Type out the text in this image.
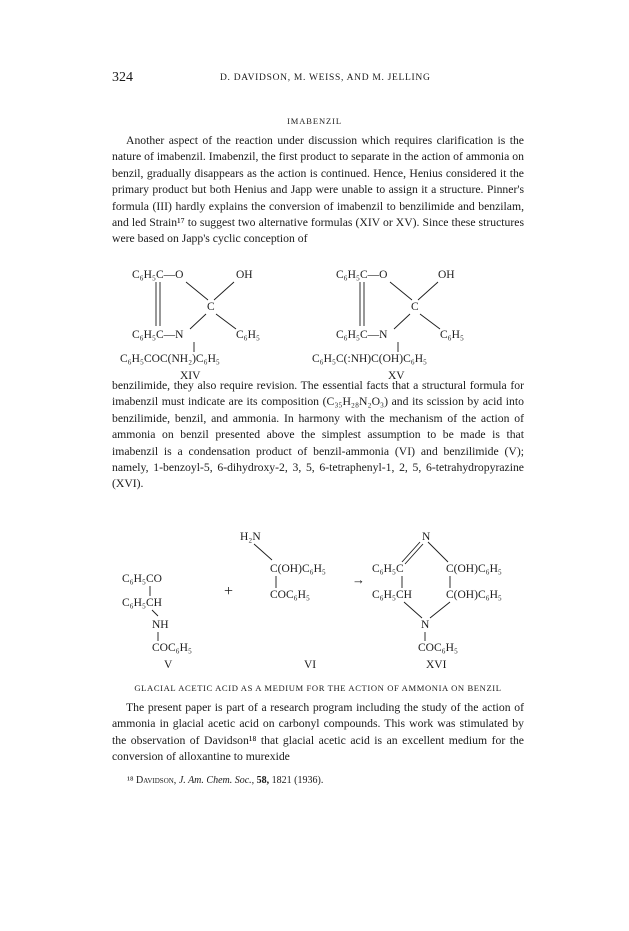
324	D. DAVIDSON, M. WEISS, AND M. JELLING
IMABENZIL

Another aspect of the reaction under discussion which requires clarification is the nature of imabenzil. Imabenzil, the first product to separate in the action of ammonia on benzil, gradually disappears as the action is continued. Hence, Henius considered it the primary product but both Henius and Japp were unable to assign it a structure. Pinner's formula (III) hardly explains the conversion of imabenzil to benzilimide and benzilam, and led Strain¹⁷ to suggest two alternative formulas (XIV or XV). Since these structures were based on Japp's cyclic conception of

C₆H₅C—O	OH
C
C₆H₅C—N	C₆H₅
C₆H₅COC(NH₂)C₆H₅
XIV
C₆H₅C—O	OH
C
C₆H₅C—N	C₆H₅
C₆H₅C(:NH)C(OH)C₆H₅
XV

benzilimide, they also require revision. The essential facts that a structural formula for imabenzil must indicate are its composition (C₃₅H₂₈N₂O₃) and its scission by acid into benzilimide, benzil, and ammonia. In harmony with the mechanism of the action of ammonia on benzil presented above the simplest assumption to be made is that imabenzil is a condensation product of benzil-ammonia (VI) and benzilimide (V); namely, 1-benzoyl-5, 6-dihydroxy-2, 3, 5, 6-tetraphenyl-1, 2, 5, 6-tetrahydropyrazine (XVI).

C₆H₅CO
C₆H₅CH
NH
COC₆H₅
V
+
H₂N
C(OH)C₆H₅
COC₆H₅
VI
→
N
C₆H₅C	C(OH)C₆H₅
C₆H₅CH	C(OH)C₆H₅
N
COC₆H₅
XVI
GLACIAL ACETIC ACID AS A MEDIUM FOR THE ACTION OF AMMONIA ON BENZIL

The present paper is part of a research program including the study of the action of ammonia in glacial acetic acid on carbonyl compounds. This work was stimulated by the observation of Davidson¹⁸ that glacial acetic acid is an excellent medium for the conversion of alloxantine to murexide

¹⁸ Davidson, J. Am. Chem. Soc., 58, 1821 (1936).
